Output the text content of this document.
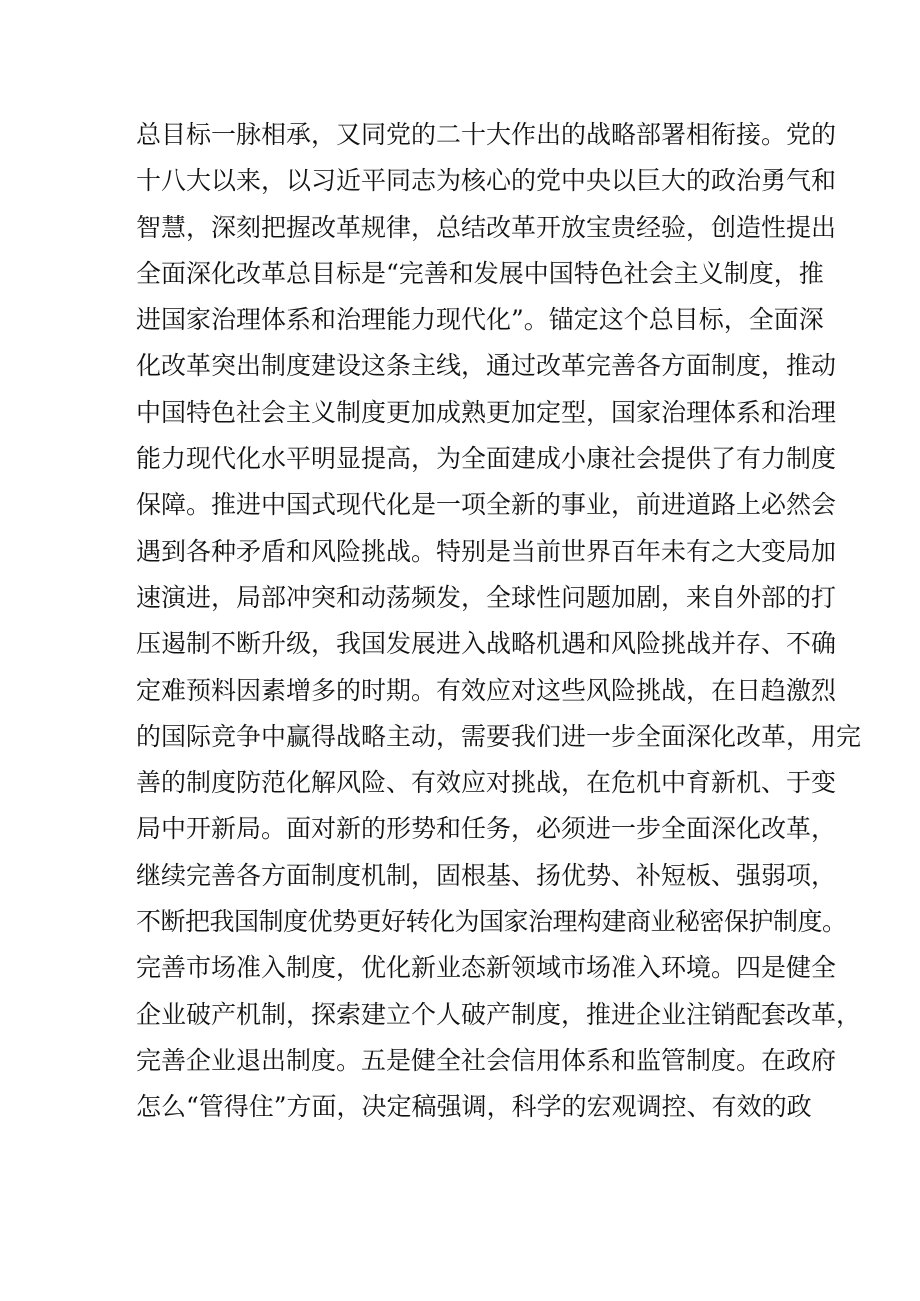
总目标一脉相承，又同党的二十大作出的战略部署相衔接。党的
十八大以来，以习近平同志为核心的党中央以巨大的政治勇气和
智慧，深刻把握改革规律，总结改革开放宝贵经验，创造性提出
全面深化改革总目标是“完善和发展中国特色社会主义制度，推
进国家治理体系和治理能力现代化”。锚定这个总目标，全面深
化改革突出制度建设这条主线，通过改革完善各方面制度，推动
中国特色社会主义制度更加成熟更加定型，国家治理体系和治理
能力现代化水平明显提高，为全面建成小康社会提供了有力制度
保障。推进中国式现代化是一项全新的事业，前进道路上必然会
遇到各种矛盾和风险挑战。特别是当前世界百年未有之大变局加
速演进，局部冲突和动荡频发，全球性问题加剧，来自外部的打
压遏制不断升级，我国发展进入战略机遇和风险挑战并存、不确
定难预料因素增多的时期。有效应对这些风险挑战，在日趋激烈
的国际竞争中赢得战略主动，需要我们进一步全面深化改革，用完
善的制度防范化解风险、有效应对挑战，在危机中育新机、于变
局中开新局。面对新的形势和任务，必须进一步全面深化改革，
继续完善各方面制度机制，固根基、扬优势、补短板、强弱项，
不断把我国制度优势更好转化为国家治理构建商业秘密保护制度。
完善市场准入制度，优化新业态新领域市场准入环境。四是健全
企业破产机制，探索建立个人破产制度，推进企业注销配套改革，
完善企业退出制度。五是健全社会信用体系和监管制度。在政府
怎么“管得住”方面，决定稿强调，科学的宏观调控、有效的政
